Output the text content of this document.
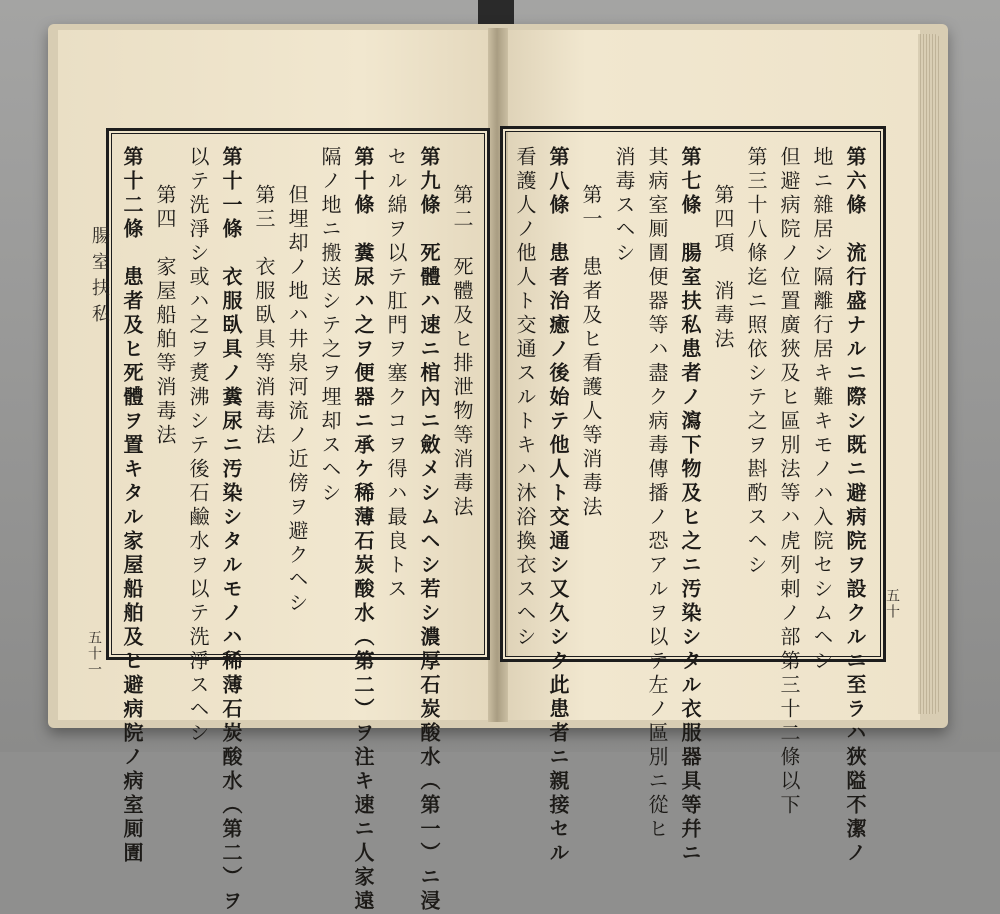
腸室扶私
五十一
五十
第六條　流行盛ナルニ際シ既ニ避病院ヲ設クルニ至ラハ狹隘不潔ノ
地ニ雜居シ隔離行居キ難キモノハ入院セシムヘシ
但避病院ノ位置廣狹及ヒ區別法等ハ虎列剌ノ部第三十二條以下
第三十八條迄ニ照依シテ之ヲ斟酌スヘシ
第四項　消毒法
第七條　腸室扶私患者ノ瀉下物及ヒ之ニ汚染シタル衣服器具等幷ニ
其病室厠圊便器等ハ盡ク病毒傳播ノ恐アルヲ以テ左ノ區別ニ從ヒ
消毒スヘシ
第一　患者及ヒ看護人等消毒法
第八條　患者治癒ノ後始テ他人ト交通シ又久シク此患者ニ親接セル
看護人ノ他人ト交通スルトキハ沐浴換衣スヘシ
第二　死體及ヒ排泄物等消毒法
第九條　死體ハ速ニ棺內ニ斂メシムヘシ若シ濃厚石炭酸水（第一）ニ浸
セル綿ヲ以テ肛門ヲ塞クコヲ得ハ最良トス
第十條　糞尿ハ之ヲ便器ニ承ケ稀薄石炭酸水（第二）ヲ注キ速ニ人家遠
隔ノ地ニ搬送シテ之ヲ埋却スヘシ
但埋却ノ地ハ井泉河流ノ近傍ヲ避クヘシ
第三　衣服臥具等消毒法
第十一條　衣服臥具ノ糞尿ニ汚染シタルモノハ稀薄石炭酸水（第二）ヲ
以テ洗淨シ或ハ之ヲ煑沸シテ後石鹼水ヲ以テ洗淨スヘシ
第四　家屋船舶等消毒法
第十二條　患者及ヒ死體ヲ置キタル家屋船舶及ヒ避病院ノ病室厠圊
